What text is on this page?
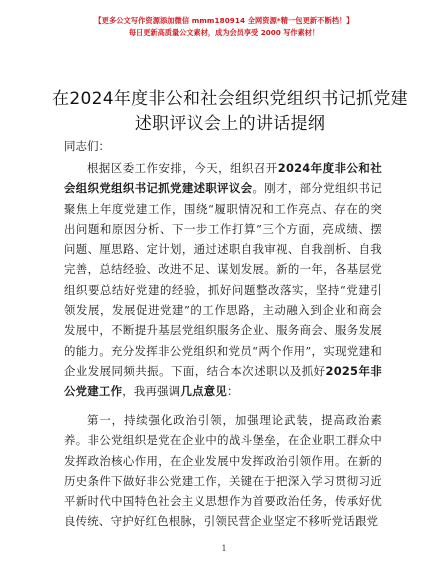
【更多公文写作资源添加微信 mmm180914 全网资源*精一包更新不断档！】
每日更新高质量公文素材，成为会员享受 2000 写作素材！
在2024年度非公和社会组织党组织书记抓党建
述职评议会上的讲话提纲
同志们：

根据区委工作安排，今天，组织召开2024年度非公和社会组织党组织书记抓党建述职评议会。刚才，部分党组织书记聚焦上年度党建工作，围绕“履职情况和工作亮点、存在的突出问题和原因分析、下一步工作打算”三个方面，亮成绩、摆问题、厘思路、定计划，通过述职自我审视、自我剖析、自我完善，总结经验、改进不足、谋划发展。新的一年，各基层党组织要总结好党建的经验，抓好问题整改落实，坚持“党建引领发展，发展促进党建”的工作思路，主动融入到企业和商会发展中，不断提升基层党组织服务企业、服务商会、服务发展的能力。充分发挥非公党组织和党员“两个作用”，实现党建和企业发展同频共振。下面，结合本次述职以及抓好2025年非公党建工作，我再强调几点意见：

第一，持续强化政治引领，加强理论武装，提高政治素养。非公党组织是党在企业中的战斗堡垒，在企业职工群众中发挥政治核心作用，在企业发展中发挥政治引领作用。在新的历史条件下做好非公党建工作，关键在于把深入学习贯彻习近平新时代中国特色社会主义思想作为首要政治任务，传承好优良传统、守护好红色根脉，引领民营企业坚定不移听党话跟党

1
